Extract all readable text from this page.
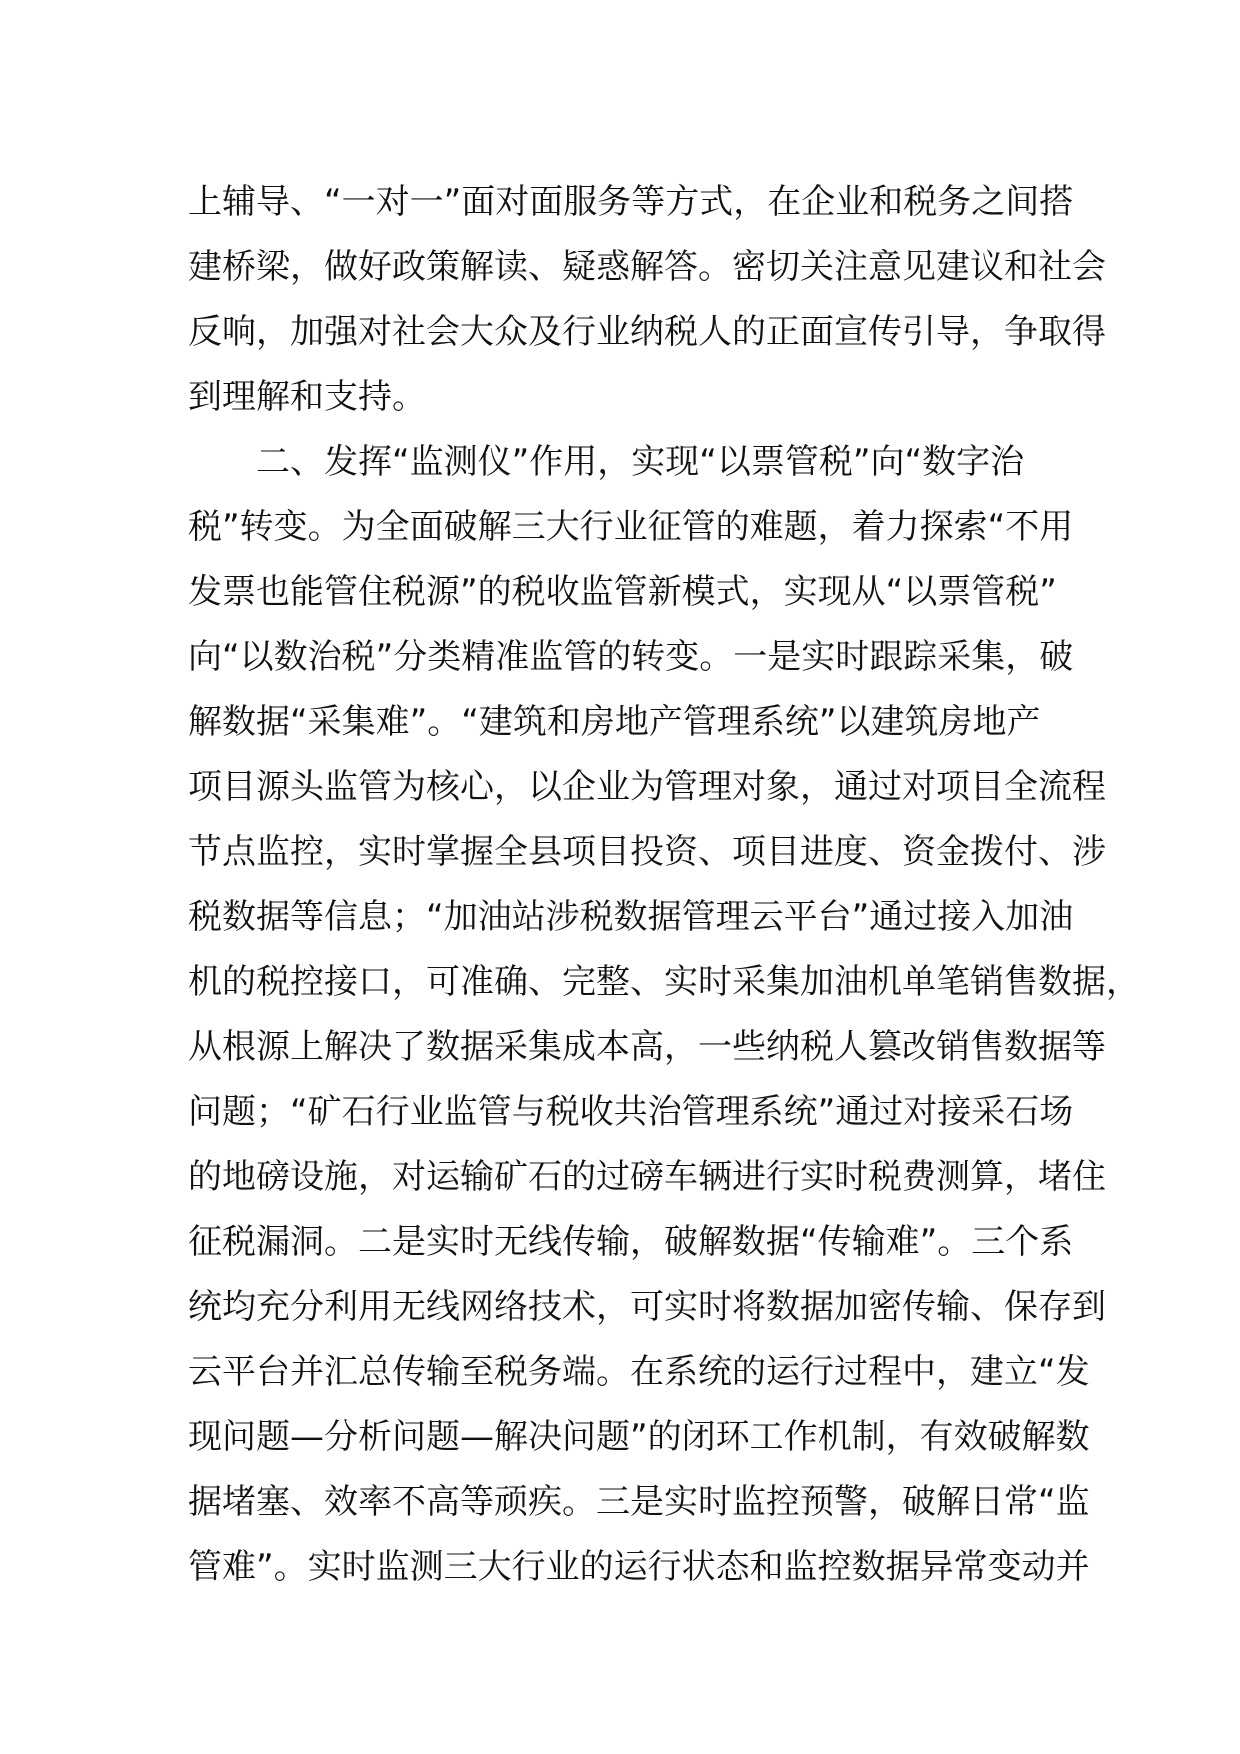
上辅导、“一对一”面对面服务等方式，在企业和税务之间搭
建桥梁，做好政策解读、疑惑解答。密切关注意见建议和社会
反响，加强对社会大众及行业纳税人的正面宣传引导，争取得
到理解和支持。
二、发挥“监测仪”作用，实现“以票管税”向“数字治
税”转变。为全面破解三大行业征管的难题，着力探索“不用
发票也能管住税源”的税收监管新模式，实现从“以票管税”
向“以数治税”分类精准监管的转变。一是实时跟踪采集，破
解数据“采集难”。“建筑和房地产管理系统”以建筑房地产
项目源头监管为核心，以企业为管理对象，通过对项目全流程
节点监控，实时掌握全县项目投资、项目进度、资金拨付、涉
税数据等信息；“加油站涉税数据管理云平台”通过接入加油
机的税控接口，可准确、完整、实时采集加油机单笔销售数据，
从根源上解决了数据采集成本高，一些纳税人篡改销售数据等
问题；“矿石行业监管与税收共治管理系统”通过对接采石场
的地磅设施，对运输矿石的过磅车辆进行实时税费测算，堵住
征税漏洞。二是实时无线传输，破解数据“传输难”。三个系
统均充分利用无线网络技术，可实时将数据加密传输、保存到
云平台并汇总传输至税务端。在系统的运行过程中，建立“发
现问题—分析问题—解决问题”的闭环工作机制，有效破解数
据堵塞、效率不高等顽疾。三是实时监控预警，破解日常“监
管难”。实时监测三大行业的运行状态和监控数据异常变动并
